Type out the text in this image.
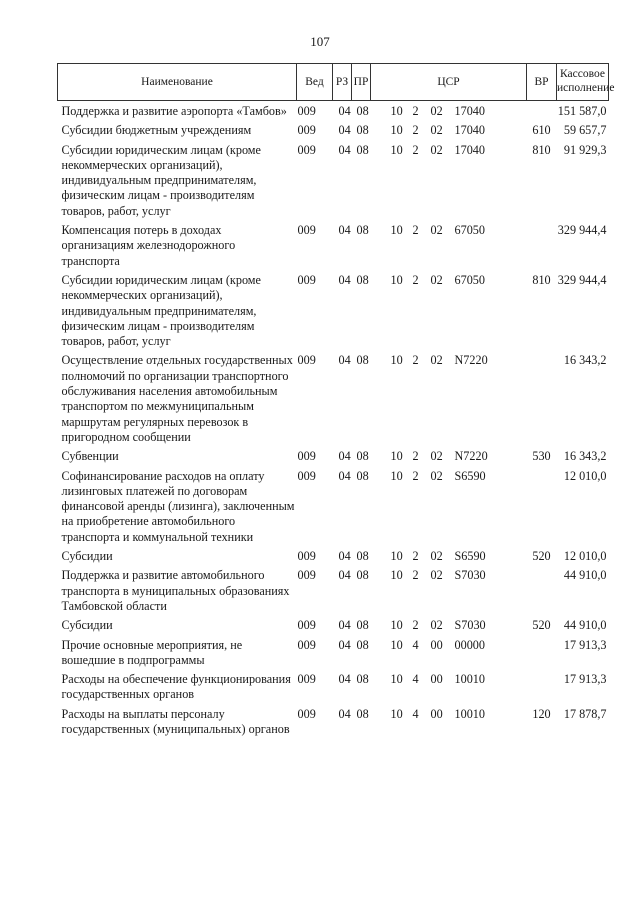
107
Наименование	Вед	РЗ	ПР	ЦСР	ВР	Кассовое
исполнение
Поддержка и развитие аэропорта «Тамбов»	009	04 08		10 2 02 17040		151 587,0
Субсидии бюджетным учреждениям	009	04 08		10 2 02 17040	610	59 657,7
Субсидии юридическим лицам (кроме некоммерческих организаций), индивидуальным предпринимателям, физическим лицам - производителям товаров, работ, услуг	009	04 08		10 2 02 17040	810	91 929,3
Компенсация потерь в доходах организациям железнодорожного транспорта	009	04 08		10 2 02 67050		329 944,4
Субсидии юридическим лицам (кроме некоммерческих организаций), индивидуальным предпринимателям, физическим лицам - производителям товаров, работ, услуг	009	04 08		10 2 02 67050	810	329 944,4
Осуществление отдельных государственных полномочий по организации транспортного обслуживания населения автомобильным транспортом по межмуниципальным маршрутам регулярных перевозок в пригородном сообщении	009	04 08		10 2 02 N7220		16 343,2
Субвенции	009	04 08		10 2 02 N7220	530	16 343,2
Софинансирование расходов на оплату лизинговых платежей по договорам финансовой аренды (лизинга), заключенным на приобретение автомобильного транспорта и коммунальной техники	009	04 08		10 2 02 S6590		12 010,0
Субсидии	009	04 08		10 2 02 S6590	520	12 010,0
Поддержка и развитие автомобильного транспорта в муниципальных образованиях Тамбовской области	009	04 08		10 2 02 S7030		44 910,0
Субсидии	009	04 08		10 2 02 S7030	520	44 910,0
Прочие основные мероприятия, не вошедшие в подпрограммы	009	04 08		10 4 00 00000		17 913,3
Расходы на обеспечение функционирования государственных органов	009	04 08		10 4 00 10010		17 913,3
Расходы на выплаты персоналу государственных (муниципальных) органов	009	04 08		10 4 00 10010	120	17 878,7
